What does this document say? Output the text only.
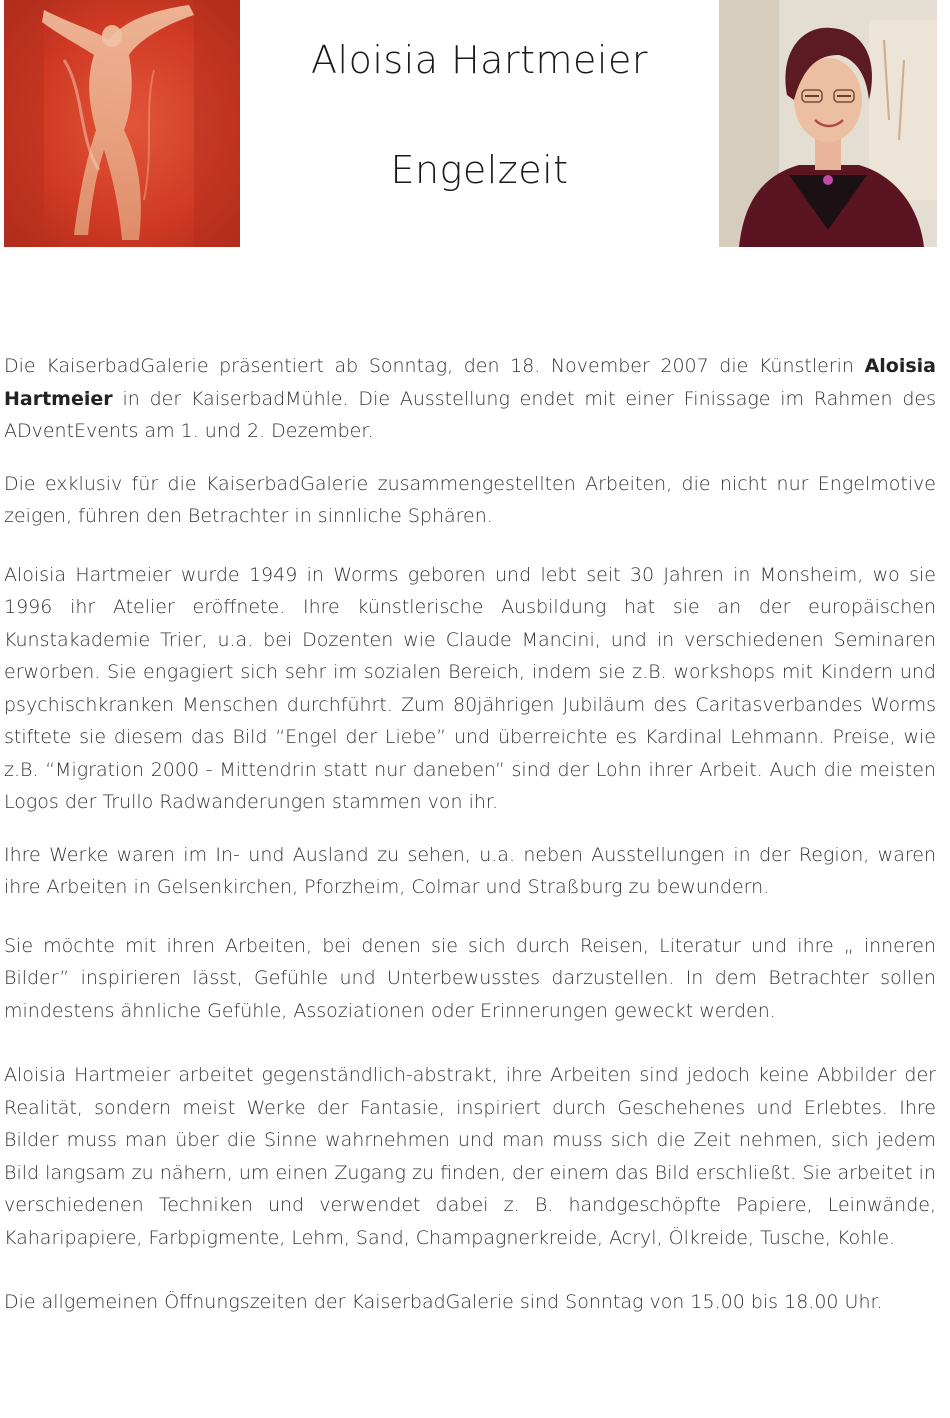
Aloisia Hartmeier
Engelzeit

Die KaiserbadGalerie präsentiert ab Sonntag, den 18. November 2007 die Künstlerin Aloisia Hartmeier in der KaiserbadMühle. Die Ausstellung endet mit einer Finissage im Rahmen des ADventEvents am 1. und 2. Dezember.

Die exklusiv für die KaiserbadGalerie zusammengestellten Arbeiten, die nicht nur Engelmotive zeigen, führen den Betrachter in sinnliche Sphären.

Aloisia Hartmeier wurde 1949 in Worms geboren und lebt seit 30 Jahren in Monsheim, wo sie 1996 ihr Atelier eröffnete. Ihre künstlerische Ausbildung hat sie an der europäischen Kunstakademie Trier, u.a. bei Dozenten wie Claude Mancini, und in verschiedenen Seminaren erworben. Sie engagiert sich sehr im sozialen Bereich, indem sie z.B. workshops mit Kindern und psychischkranken Menschen durchführt. Zum 80jährigen Jubiläum des Caritasverbandes Worms stiftete sie diesem das Bild “Engel der Liebe” und überreichte es Kardinal Lehmann. Preise, wie z.B. “Migration 2000 - Mittendrin statt nur daneben” sind der Lohn ihrer Arbeit. Auch die meisten Logos der Trullo Radwanderungen stammen von ihr.

Ihre Werke waren im In- und Ausland zu sehen, u.a. neben Ausstellungen in der Region, waren ihre Arbeiten in Gelsenkirchen, Pforzheim, Colmar und Straßburg zu bewundern.

Sie möchte mit ihren Arbeiten, bei denen sie sich durch Reisen, Literatur und ihre „ inneren Bilder” inspirieren lässt, Gefühle und Unterbewusstes darzustellen. In dem Betrachter sollen mindestens ähnliche Gefühle, Assoziationen oder Erinnerungen geweckt werden.

Aloisia Hartmeier arbeitet gegenständlich-abstrakt, ihre Arbeiten sind jedoch keine Abbilder der Realität, sondern meist Werke der Fantasie, inspiriert durch Geschehenes und Erlebtes. Ihre Bilder muss man über die Sinne wahrnehmen und man muss sich die Zeit nehmen, sich jedem Bild langsam zu nähern, um einen Zugang zu finden, der einem das Bild erschließt. Sie arbeitet in verschiedenen Techniken und verwendet dabei z. B. handgeschöpfte Papiere, Leinwände, Kaharipapiere, Farbpigmente, Lehm, Sand, Champagnerkreide, Acryl, Ölkreide, Tusche, Kohle.

Die allgemeinen Öffnungszeiten der KaiserbadGalerie sind Sonntag von 15.00 bis 18.00 Uhr.
